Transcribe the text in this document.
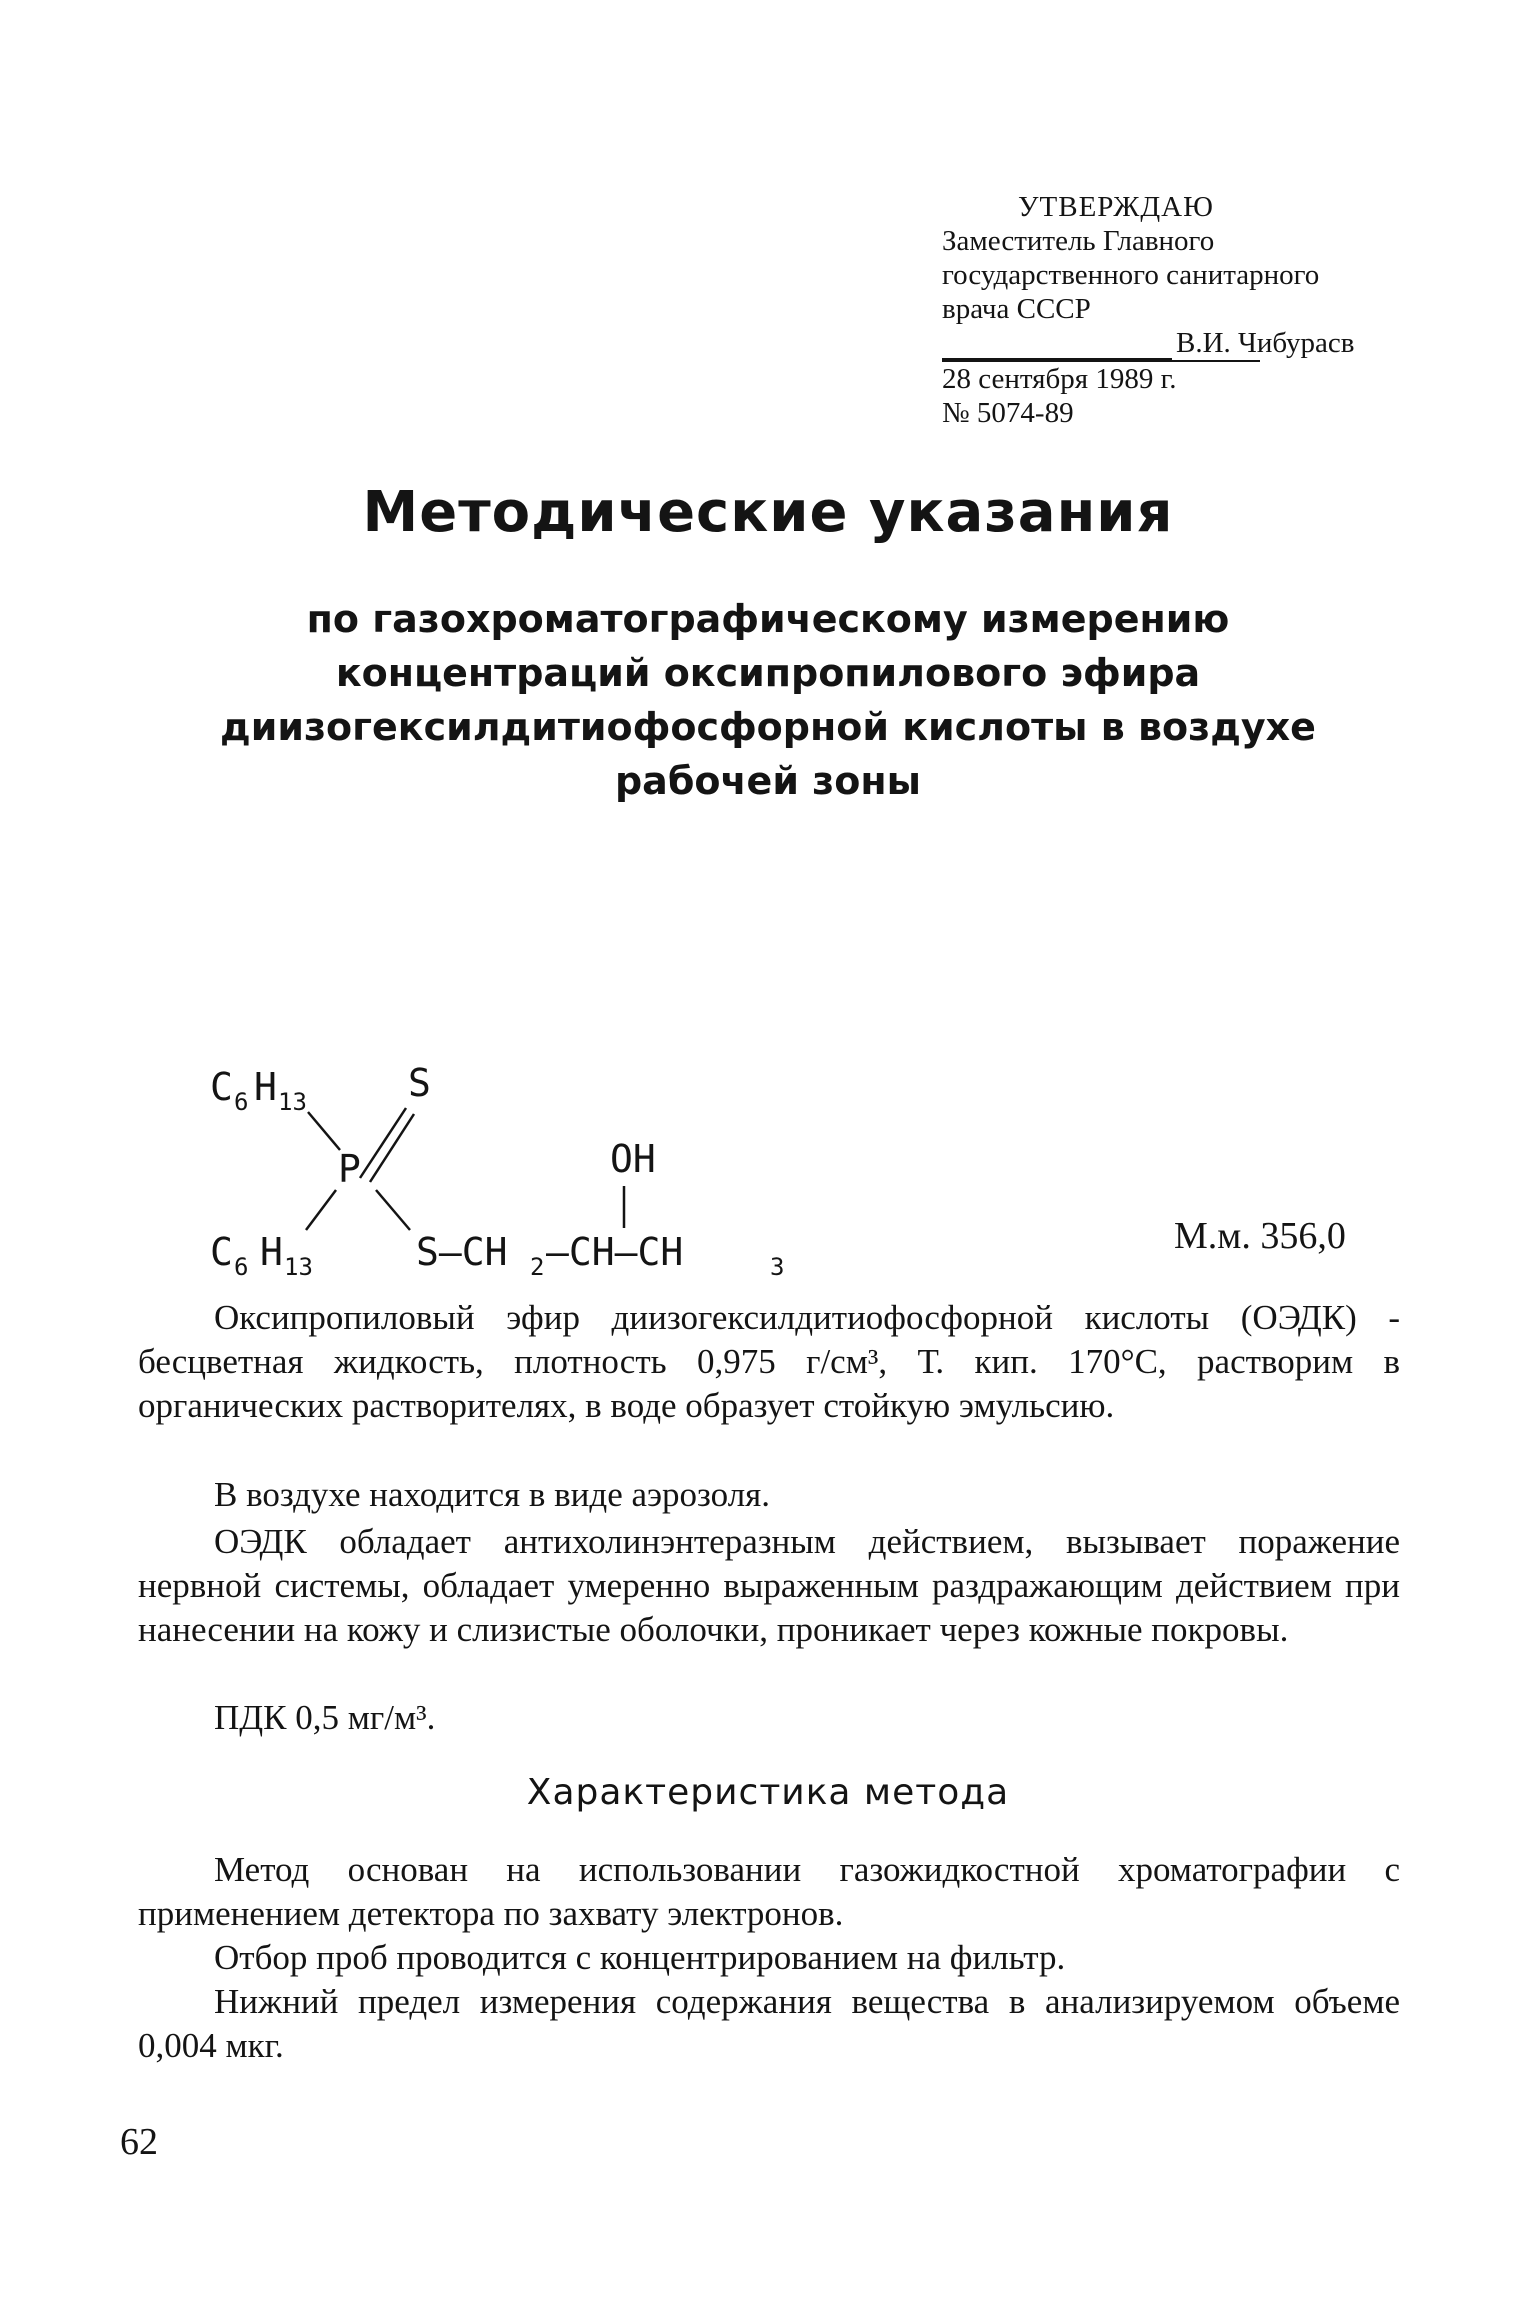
УТВЕРЖДАЮ
Заместитель Главного
государственного санитарного
врача СССР
В.И. Чибурасв
28 сентября 1989 г.
№ 5074-89
Методические указания
по газохроматографическому измерению
концентраций оксипропилового эфира
диизогексилдитиофосфорной кислоты в воздухе
рабочей зоны
C 6 H 13	S
P
C 6 H 13
OH
S—CH 2 —CH—CH	3
М.м. 356,0

Оксипропиловый эфир диизогексилдитиофосфорной кислоты (ОЭДК) - бесцветная жидкость, плотность 0,975 г/см³, Т. кип. 170°С, растворим в органических растворителях, в воде образует стойкую эмульсию.

В воздухе находится в виде аэрозоля.

ОЭДК обладает антихолинэнтеразным действием, вызывает поражение нервной системы, обладает умеренно выраженным раздражающим действием при нанесении на кожу и слизистые оболочки, проникает через кожные покровы.

ПДК 0,5 мг/м³.

Характеристика метода

Метод основан на использовании газожидкостной хроматографии с применением детектора по захвату электронов.

Отбор проб проводится с концентрированием на фильтр.

Нижний предел измерения содержания вещества в анализируемом объеме 0,004 мкг.

62
